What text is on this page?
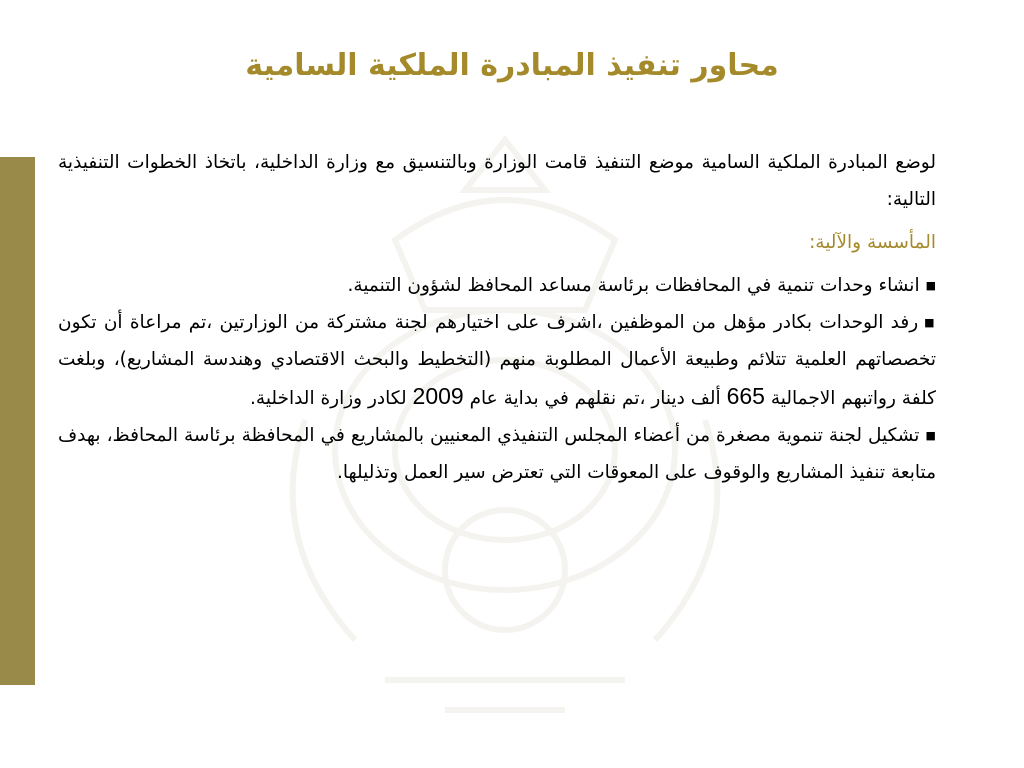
محاور تنفيذ المبادرة الملكية السامية

لوضع المبادرة الملكية السامية موضع التنفيذ قامت الوزارة وبالتنسيق مع وزارة الداخلية، باتخاذ الخطوات التنفيذية التالية:

المأسسة والآلية:

■انشاء وحدات تنمية في المحافظات برئاسة مساعد المحافظ لشؤون التنمية.

■رفد الوحدات بكادر مؤهل من الموظفين ،اشرف على اختيارهم لجنة مشتركة من الوزارتين ،تم مراعاة أن تكون تخصصاتهم العلمية تتلائم وطبيعة الأعمال المطلوبة منهم (التخطيط والبحث الاقتصادي وهندسة المشاريع)، وبلغت كلفة رواتبهم الاجمالية 665 ألف دينار ،تم نقلهم في بداية عام 2009 لكادر وزارة الداخلية.

■تشكيل لجنة تنموية مصغرة من أعضاء المجلس التنفيذي المعنيين بالمشاريع في المحافظة برئاسة المحافظ، بهدف متابعة تنفيذ المشاريع والوقوف على المعوقات التي تعترض سير العمل وتذليلها.
